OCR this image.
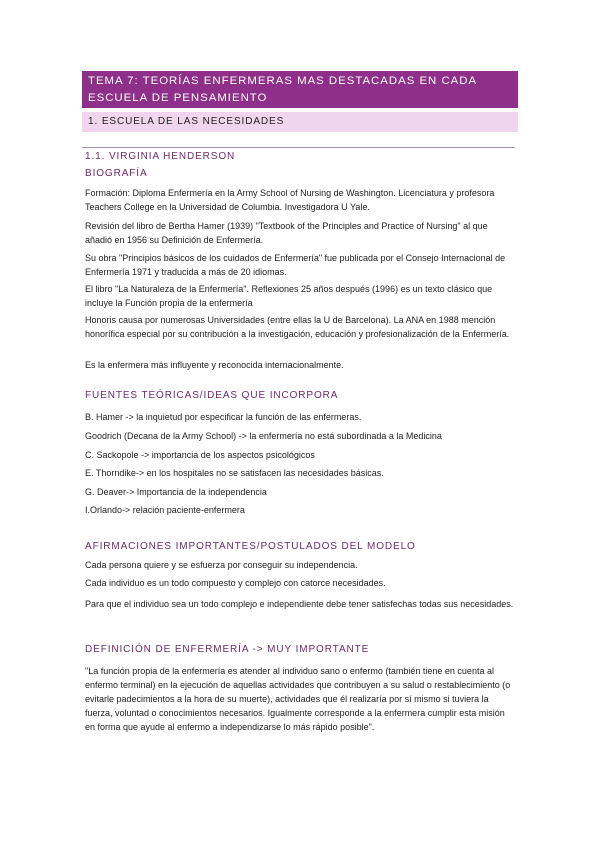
TEMA 7: TEORÍAS ENFERMERAS MAS DESTACADAS EN CADA
ESCUELA DE PENSAMIENTO
1. ESCUELA DE LAS NECESIDADES
1.1. VIRGINIA HENDERSON
BIOGRAFÍA
Formación: Diploma Enfermería en la Army School of Nursing de Washington. Licenciatura y profesora Teachers College en la Universidad de Columbia. Investigadora U Yale.
Revisión del libro de Bertha Hamer (1939) "Textbook of the Principles and Practice of Nursing" al que añadió en 1956 su Definición de Enfermería.
Su obra "Principios básicos de los cuidados de Enfermería" fue publicada por el Consejo Internacional de Enfermería 1971 y traducida a más de 20 idiomas.
El libro "La Naturaleza de la Enfermería". Reflexiones 25 años después (1996) es un texto clásico que incluye la Función propia de la enfermería
Honoris causa por numerosas Universidades (entre ellas la U de Barcelona). La ANA en 1988 mención honorífica especial por su contribución a la investigación, educación y profesionalización de la Enfermería.
Es la enfermera más influyente y reconocida internacionalmente.
FUENTES TEÓRICAS/IDEAS QUE INCORPORA
B. Hamer -> la inquietud por especificar la función de las enfermeras.
Goodrich (Decana de la Army School) -> la enfermería no está subordinada a la Medicina
C. Sackopole -> importancia de los aspectos psicológicos
E. Thorndike-> en los hospitales no se satisfacen las necesidades básicas.
G. Deaver-> Importancia de la independencia
I.Orlando-> relación paciente-enfermera
AFIRMACIONES IMPORTANTES/POSTULADOS DEL MODELO
Cada persona quiere y se esfuerza por conseguir su independencia.
Cada individuo es un todo compuesto y complejo con catorce necesidades.
Para que el individuo sea un todo complejo e independiente debe tener satisfechas todas sus necesidades.
DEFINICIÓN DE ENFERMERÍA -> MUY IMPORTANTE
"La función propia de la enfermería es atender al individuo sano o enfermo (también tiene en cuenta al enfermo terminal) en la ejecución de aquellas actividades que contribuyen a su salud o restablecimiento (o evitarle padecimientos a la hora de su muerte), actividades que él realizaría por sí mismo si tuviera la fuerza, voluntad o conocimientos necesarios. Igualmente corresponde a la enfermera cumplir esta misión en forma que ayude al enfermo a independizarse lo más rápido posible".
